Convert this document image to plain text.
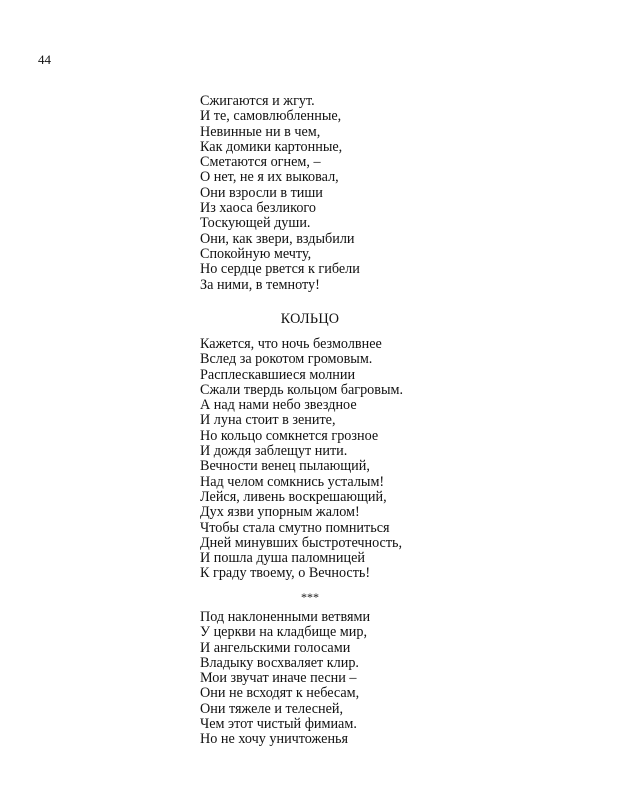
44
Сжигаются и жгут.
И те, самовлюбленные,
Невинные ни в чем,
Как домики картонные,
Сметаются огнем, –
О нет, не я их выковал,
Они взросли в тиши
Из хаоса безликого
Тоскующей души.
Они, как звери, вздыбили
Спокойную мечту,
Но сердце рвется к гибели
За ними, в темноту!
КОЛЬЦО
Кажется, что ночь безмолвнее
Вслед за рокотом громовым.
Расплескавшиеся молнии
Сжали твердь кольцом багровым.
А над нами небо звездное
И луна стоит в зените,
Но кольцо сомкнется грозное
И дождя заблещут нити.
Вечности венец пылающий,
Над челом сомкнись усталым!
Лейся, ливень воскрешающий,
Дух язви упорным жалом!
Чтобы стала смутно помниться
Дней минувших быстротечность,
И пошла душа паломницей
К граду твоему, о Вечность!
***
Под наклоненными ветвями
У церкви на кладбище мир,
И ангельскими голосами
Владыку восхваляет клир.
Мои звучат иначе песни –
Они не всходят к небесам,
Они тяжеле и телесней,
Чем этот чистый фимиам.
Но не хочу уничтоженья
